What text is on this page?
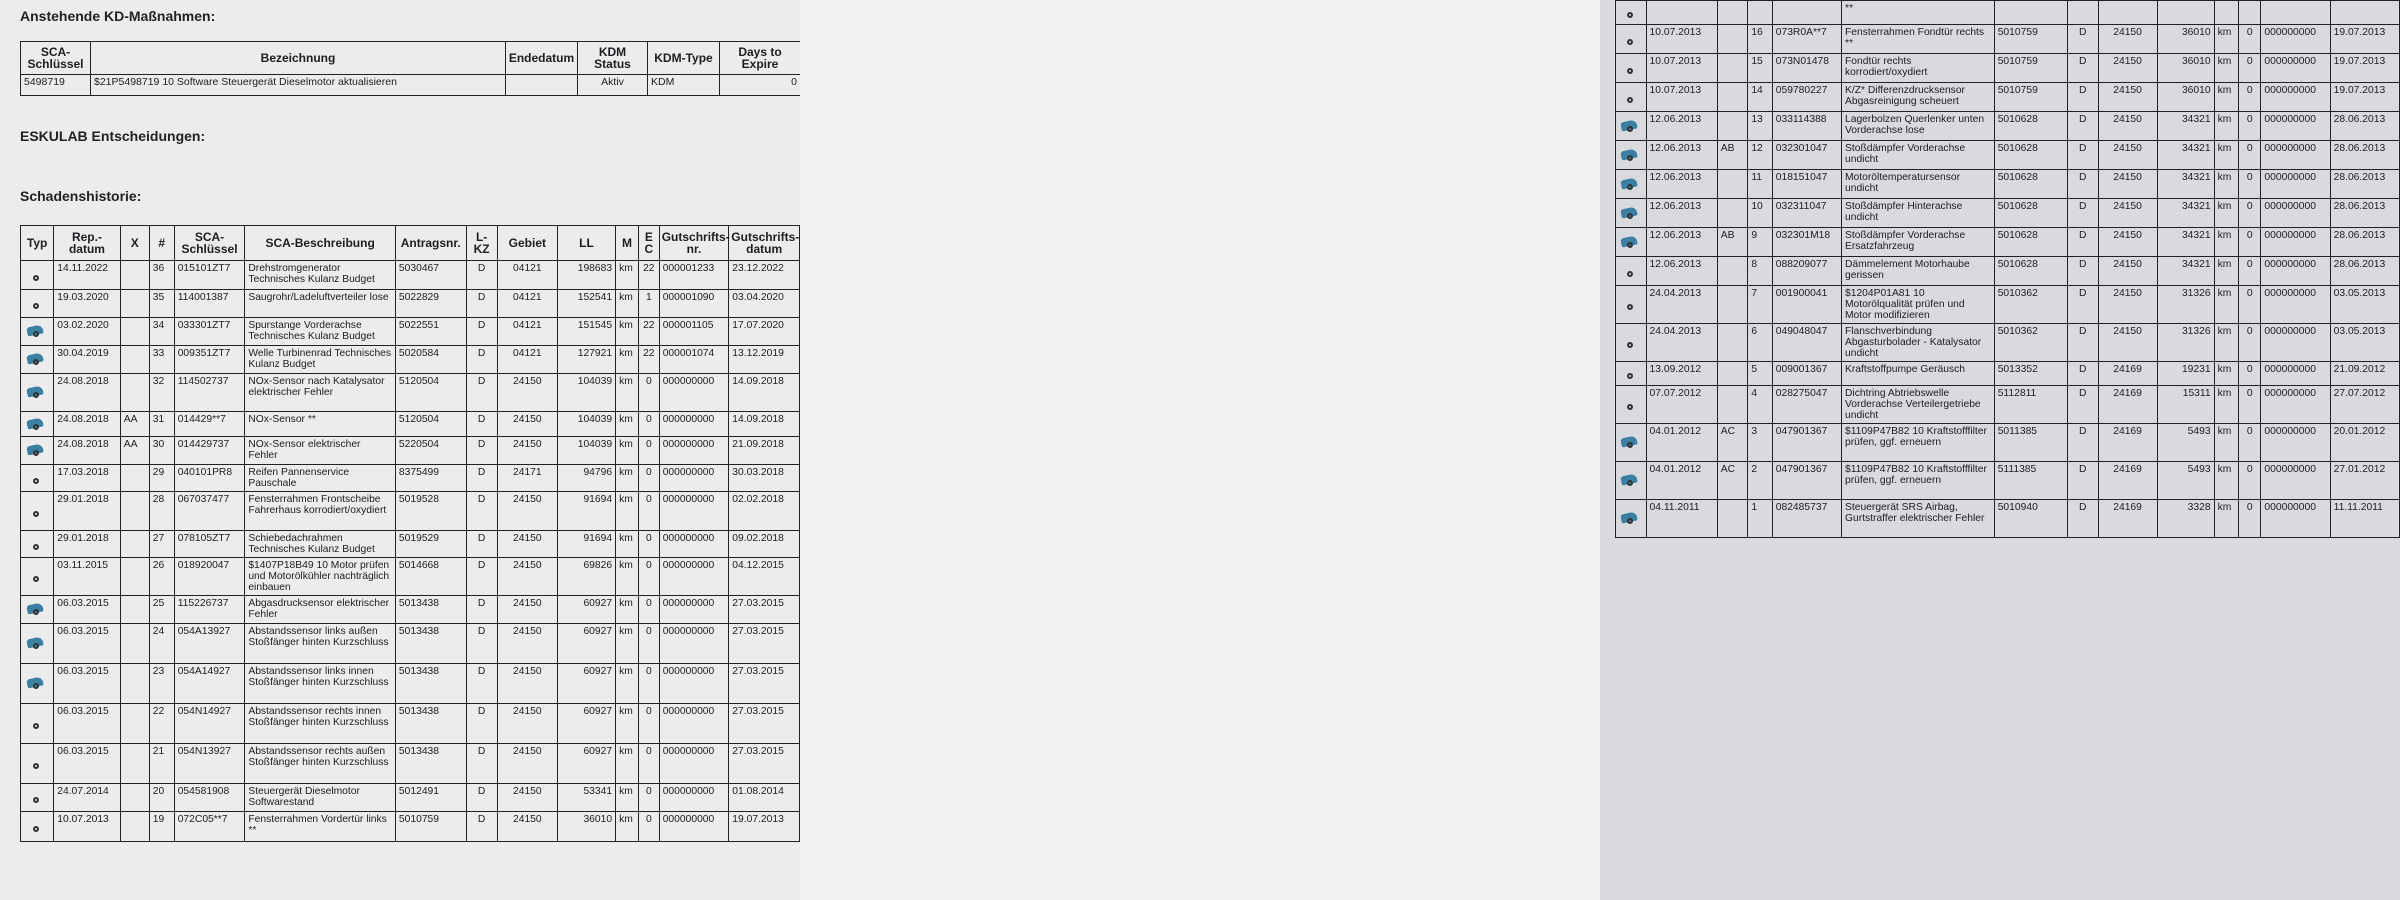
Anstehende KD-Maßnahmen:
SCA-Schlüssel	Bezeichnung	Endedatum	KDM Status	KDM-Type	Days to Expire
5498719	$21P5498719 10 Software Steuergerät Dieselmotor aktualisieren		Aktiv	KDM	0
ESKULAB Entscheidungen:
Schadenshistorie:
Typ	Rep.-datum	X	#	SCA-Schlüssel	SCA-Beschreibung	Antragsnr.	L-KZ	Gebiet	LL	M	E C	Gutschrifts-nr.	Gutschrifts-datum

	14.11.2022		36	015101ZT7	Drehstromgenerator Technisches Kulanz Budget	5030467	D	04121	198683	km	22	000001233	23.12.2022

	19.03.2020		35	114001387	Saugrohr/Ladeluftverteiler lose	5022829	D	04121	152541	km	1	000001090	03.04.2020

	03.02.2020		34	033301ZT7	Spurstange Vorderachse Technisches Kulanz Budget	5022551	D	04121	151545	km	22	000001105	17.07.2020

	30.04.2019		33	009351ZT7	Welle Turbinenrad Technisches Kulanz Budget	5020584	D	04121	127921	km	22	000001074	13.12.2019

	24.08.2018		32	114502737	NOx-Sensor nach Katalysator elektrischer Fehler	5120504	D	24150	104039	km	0	000000000	14.09.2018

	24.08.2018	AA	31	014429**7	NOx-Sensor **	5120504	D	24150	104039	km	0	000000000	14.09.2018

	24.08.2018	AA	30	014429737	NOx-Sensor elektrischer Fehler	5220504	D	24150	104039	km	0	000000000	21.09.2018

	17.03.2018		29	040101PR8	Reifen Pannenservice Pauschale	8375499	D	24171	94796	km	0	000000000	30.03.2018

	29.01.2018		28	067037477	Fensterrahmen Frontscheibe Fahrerhaus korrodiert/oxydiert	5019528	D	24150	91694	km	0	000000000	02.02.2018

	29.01.2018		27	078105ZT7	Schiebedachrahmen Technisches Kulanz Budget	5019529	D	24150	91694	km	0	000000000	09.02.2018

	03.11.2015		26	018920047	$1407P18B49 10 Motor prüfen und Motorölkühler nachträglich einbauen	5014668	D	24150	69826	km	0	000000000	04.12.2015

	06.03.2015		25	115226737	Abgasdrucksensor elektrischer Fehler	5013438	D	24150	60927	km	0	000000000	27.03.2015

	06.03.2015		24	054A13927	Abstandssensor links außen Stoßfänger hinten Kurzschluss	5013438	D	24150	60927	km	0	000000000	27.03.2015

	06.03.2015		23	054A14927	Abstandssensor links innen Stoßfänger hinten Kurzschluss	5013438	D	24150	60927	km	0	000000000	27.03.2015

	06.03.2015		22	054N14927	Abstandssensor rechts innen Stoßfänger hinten Kurzschluss	5013438	D	24150	60927	km	0	000000000	27.03.2015

	06.03.2015		21	054N13927	Abstandssensor rechts außen Stoßfänger hinten Kurzschluss	5013438	D	24150	60927	km	0	000000000	27.03.2015

	24.07.2014		20	054581908	Steuergerät Dieselmotor Softwarestand	5012491	D	24150	53341	km	0	000000000	01.08.2014

	10.07.2013		19	072C05**7	Fensterrahmen Vordertür links **	5010759	D	24150	36010	km	0	000000000	19.07.2013
					**								

	10.07.2013		16	073R0A**7	Fensterrahmen Fondtür rechts **	5010759	D	24150	36010	km	0	000000000	19.07.2013

	10.07.2013		15	073N01478	Fondtür rechts korrodiert/oxydiert	5010759	D	24150	36010	km	0	000000000	19.07.2013

	10.07.2013		14	059780227	K/Z* Differenzdrucksensor Abgasreinigung scheuert	5010759	D	24150	36010	km	0	000000000	19.07.2013

	12.06.2013		13	033114388	Lagerbolzen Querlenker unten Vorderachse lose	5010628	D	24150	34321	km	0	000000000	28.06.2013

	12.06.2013	AB	12	032301047	Stoßdämpfer Vorderachse undicht	5010628	D	24150	34321	km	0	000000000	28.06.2013

	12.06.2013		11	018151047	Motoröltemperatursensor undicht	5010628	D	24150	34321	km	0	000000000	28.06.2013

	12.06.2013		10	032311047	Stoßdämpfer Hinterachse undicht	5010628	D	24150	34321	km	0	000000000	28.06.2013

	12.06.2013	AB	9	032301M18	Stoßdämpfer Vorderachse Ersatzfahrzeug	5010628	D	24150	34321	km	0	000000000	28.06.2013

	12.06.2013		8	088209077	Dämmelement Motorhaube gerissen	5010628	D	24150	34321	km	0	000000000	28.06.2013

	24.04.2013		7	001900041	$1204P01A81 10 Motorölqualität prüfen und Motor modifizieren	5010362	D	24150	31326	km	0	000000000	03.05.2013

	24.04.2013		6	049048047	Flanschverbindung Abgasturbolader - Katalysator undicht	5010362	D	24150	31326	km	0	000000000	03.05.2013

	13.09.2012		5	009001367	Kraftstoffpumpe Geräusch	5013352	D	24169	19231	km	0	000000000	21.09.2012

	07.07.2012		4	028275047	Dichtring Abtriebswelle Vorderachse Verteilergetriebe undicht	5112811	D	24169	15311	km	0	000000000	27.07.2012

	04.01.2012	AC	3	047901367	$1109P47B82 10 Kraftstofffilter prüfen, ggf. erneuern	5011385	D	24169	5493	km	0	000000000	20.01.2012

	04.01.2012	AC	2	047901367	$1109P47B82 10 Kraftstofffilter prüfen, ggf. erneuern	5111385	D	24169	5493	km	0	000000000	27.01.2012

	04.11.2011		1	082485737	Steuergerät SRS Airbag, Gurtstraffer elektrischer Fehler	5010940	D	24169	3328	km	0	000000000	11.11.2011
